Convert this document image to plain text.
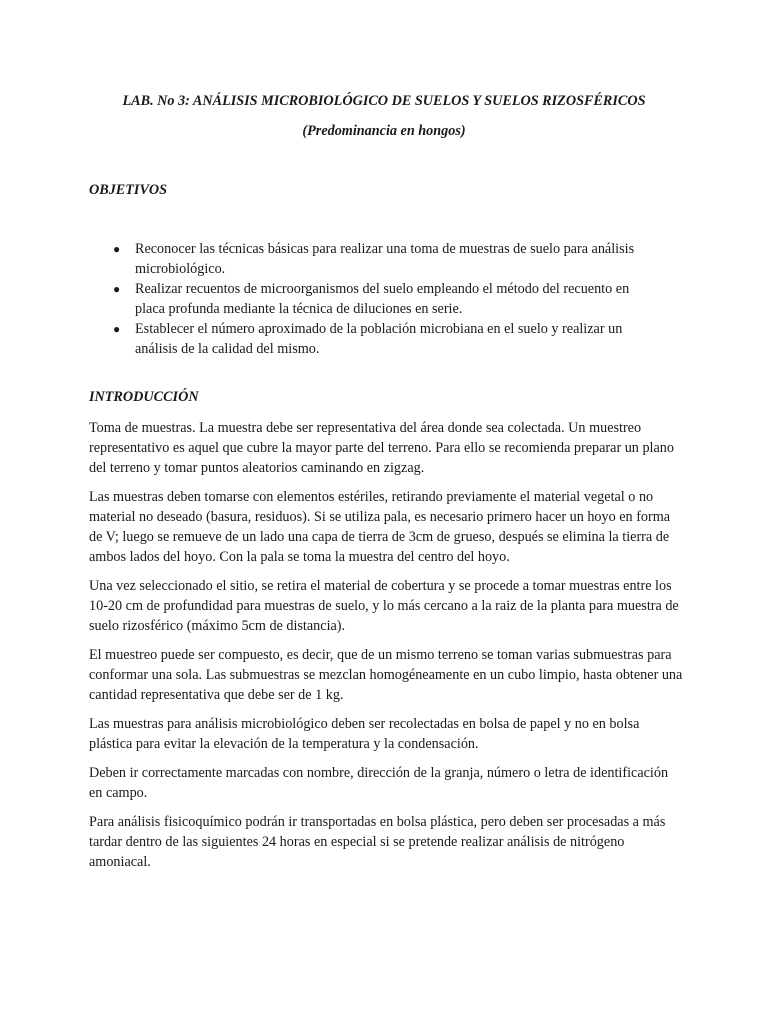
LAB. No 3: ANÁLISIS MICROBIOLÓGICO DE SUELOS Y SUELOS RIZOSFÉRICOS
(Predominancia en hongos)
OBJETIVOS
● Reconocer las técnicas básicas para realizar una toma de muestras de suelo para análisis microbiológico.
● Realizar recuentos de microorganismos del suelo empleando el método del recuento en placa profunda mediante la técnica de diluciones en serie.
● Establecer el número aproximado de la población microbiana en el suelo y realizar un análisis de la calidad del mismo.
INTRODUCCIÓN

Toma de muestras. La muestra debe ser representativa del área donde sea colectada. Un muestreo representativo es aquel que cubre la mayor parte del terreno. Para ello se recomienda preparar un plano del terreno y tomar puntos aleatorios caminando en zigzag.

Las muestras deben tomarse con elementos estériles, retirando previamente el material vegetal o no material no deseado (basura, residuos). Si se utiliza pala, es necesario primero hacer un hoyo en forma de V; luego se remueve de un lado una capa de tierra de 3cm de grueso, después se elimina la tierra de ambos lados del hoyo. Con la pala se toma la muestra del centro del hoyo.

Una vez seleccionado el sitio, se retira el material de cobertura y se procede a tomar muestras entre los 10-20 cm de profundidad para muestras de suelo, y lo más cercano a la raiz de la planta para muestra de suelo rizosférico (máximo 5cm de distancia).

El muestreo puede ser compuesto, es decir, que de un mismo terreno se toman varias submuestras para conformar una sola. Las submuestras se mezclan homogéneamente en un cubo limpio, hasta obtener una cantidad representativa que debe ser de 1 kg.

Las muestras para análisis microbiológico deben ser recolectadas en bolsa de papel y no en bolsa plástica para evitar la elevación de la temperatura y la condensación.

Deben ir correctamente marcadas con nombre, dirección de la granja, número o letra de identificación en campo.

Para análisis fisicoquímico podrán ir transportadas en bolsa plástica, pero deben ser procesadas a más tardar dentro de las siguientes 24 horas en especial si se pretende realizar análisis de nitrógeno amoniacal.
